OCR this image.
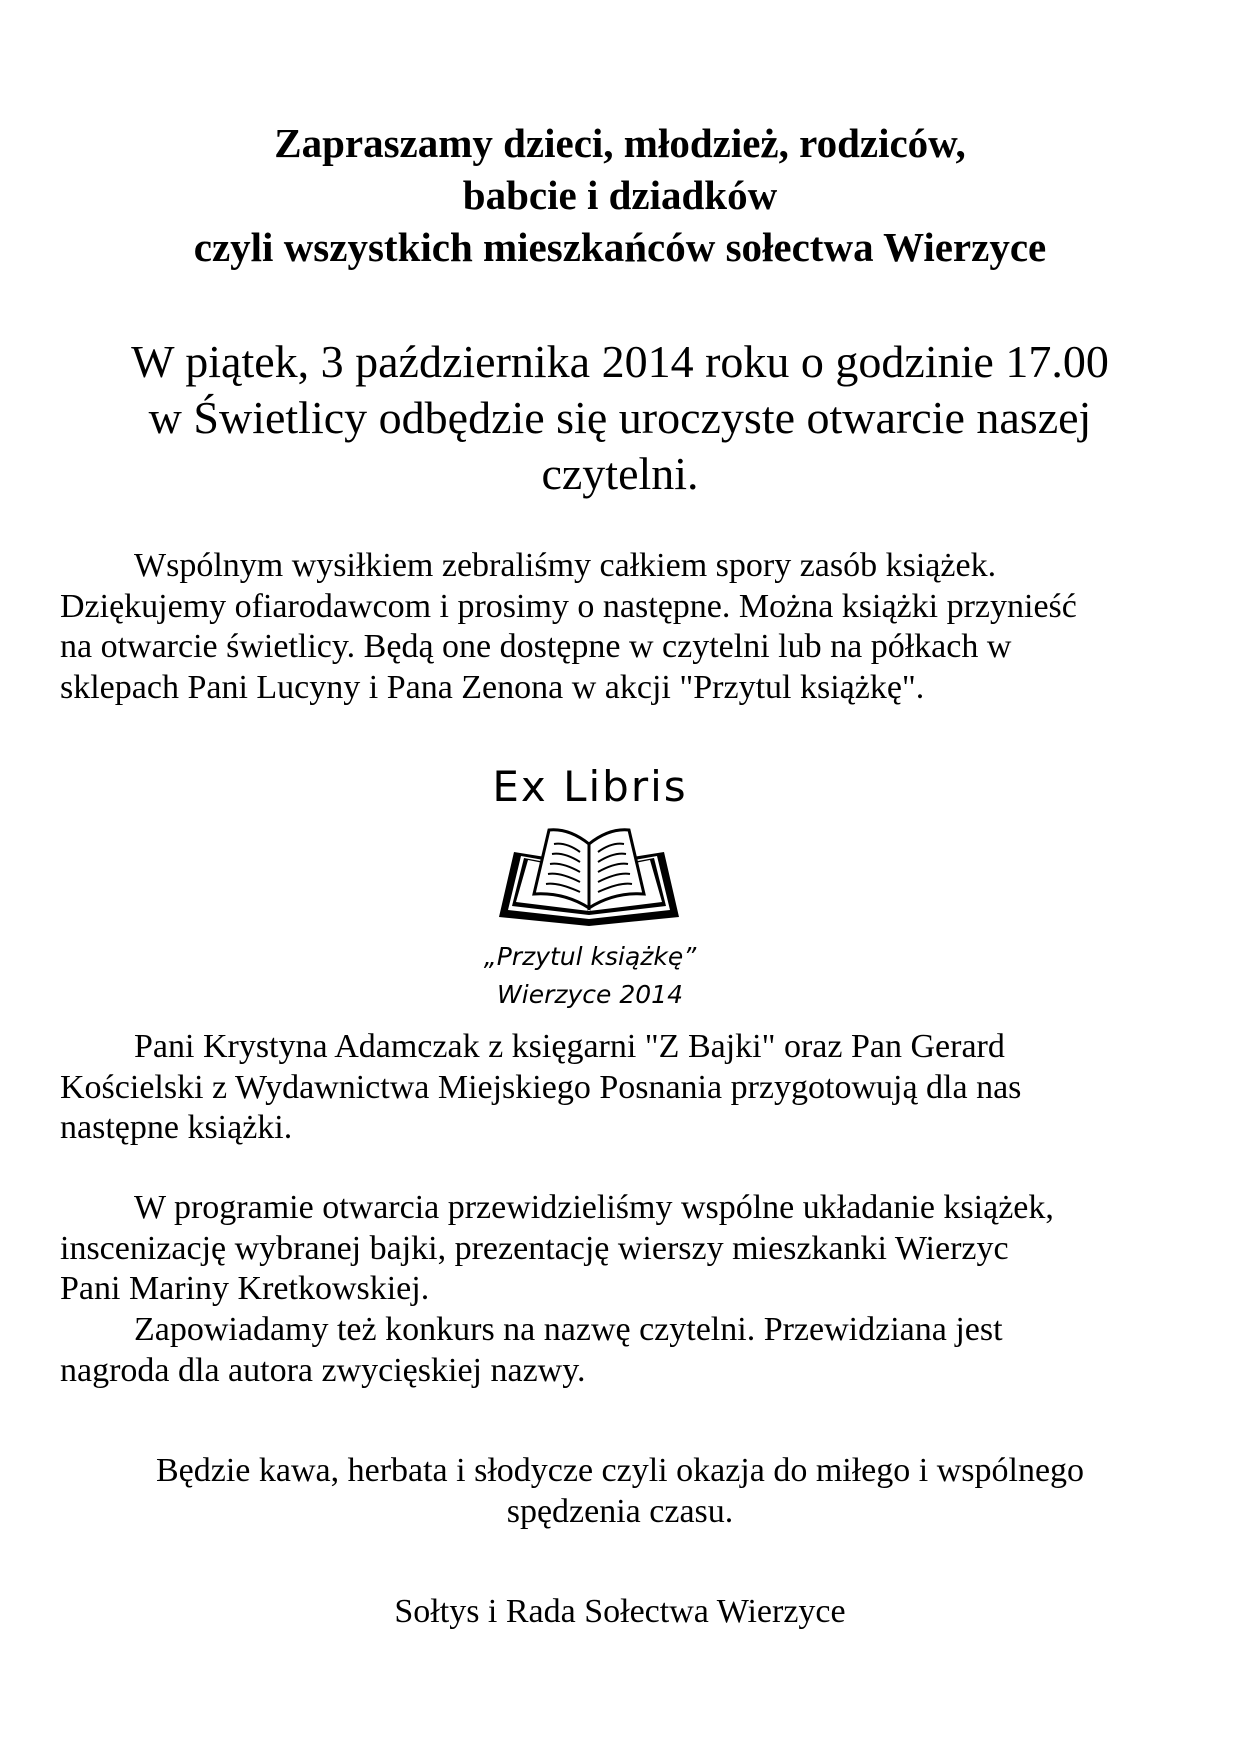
Zapraszamy dzieci, młodzież, rodziców,
babcie i dziadków
czyli wszystkich mieszkańców sołectwa Wierzyce
W piątek, 3 października 2014 roku o godzinie 17.00
w Świetlicy odbędzie się uroczyste otwarcie naszej
czytelni.
Wspólnym wysiłkiem zebraliśmy całkiem spory zasób książek.
Dziękujemy ofiarodawcom i prosimy o następne. Można książki przynieść
na otwarcie świetlicy. Będą one dostępne w czytelni lub na półkach w
sklepach Pani Lucyny i Pana Zenona w akcji "Przytul książkę".
Ex Libris
„Przytul książkę”
Wierzyce 2014
Pani Krystyna Adamczak z księgarni "Z Bajki" oraz Pan Gerard
Kościelski z Wydawnictwa Miejskiego Posnania przygotowują dla nas
następne książki.
W programie otwarcia przewidzieliśmy wspólne układanie książek,
inscenizację wybranej bajki, prezentację wierszy mieszkanki Wierzyc
Pani Mariny Kretkowskiej.
Zapowiadamy też konkurs na nazwę czytelni. Przewidziana jest
nagroda dla autora zwycięskiej nazwy.
Będzie kawa, herbata i słodycze czyli okazja do miłego i wspólnego
spędzenia czasu.
Sołtys i Rada Sołectwa Wierzyce
